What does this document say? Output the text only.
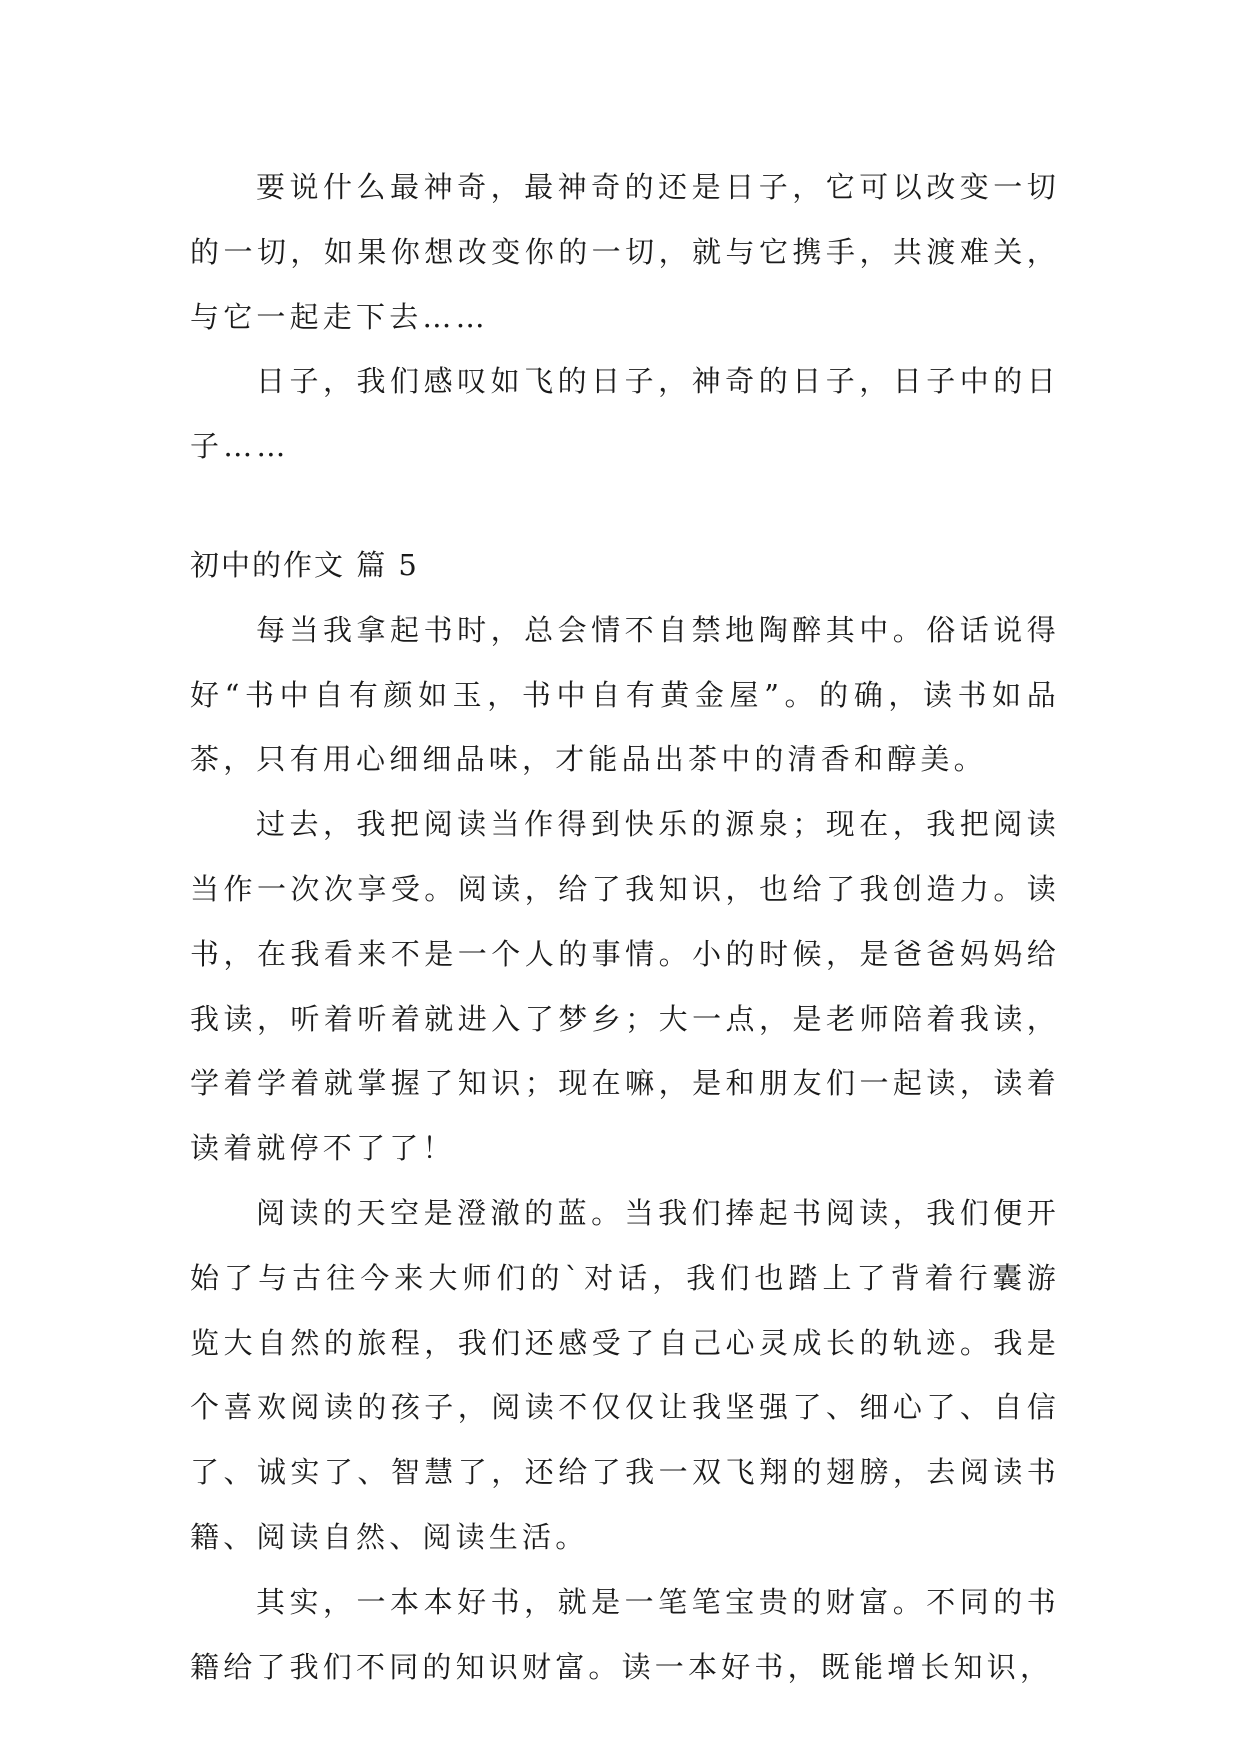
要说什么最神奇，最神奇的还是日子，它可以改变一切的一切，如果你想改变你的一切，就与它携手，共渡难关，与它一起走下去……

日子，我们感叹如飞的日子，神奇的日子，日子中的日子……

初中的作文 篇 5

每当我拿起书时，总会情不自禁地陶醉其中。俗话说得好“书中自有颜如玉，书中自有黄金屋”。的确，读书如品茶，只有用心细细品味，才能品出茶中的清香和醇美。

过去，我把阅读当作得到快乐的源泉；现在，我把阅读当作一次次享受。阅读，给了我知识，也给了我创造力。读书，在我看来不是一个人的事情。小的时候，是爸爸妈妈给我读，听着听着就进入了梦乡；大一点，是老师陪着我读，学着学着就掌握了知识；现在嘛，是和朋友们一起读，读着读着就停不了了！

阅读的天空是澄澈的蓝。当我们捧起书阅读，我们便开始了与古往今来大师们的`对话，我们也踏上了背着行囊游览大自然的旅程，我们还感受了自己心灵成长的轨迹。我是个喜欢阅读的孩子，阅读不仅仅让我坚强了、细心了、自信了、诚实了、智慧了，还给了我一双飞翔的翅膀，去阅读书籍、阅读自然、阅读生活。

其实，一本本好书，就是一笔笔宝贵的财富。不同的书籍给了我们不同的知识财富。读一本好书，既能增长知识，
